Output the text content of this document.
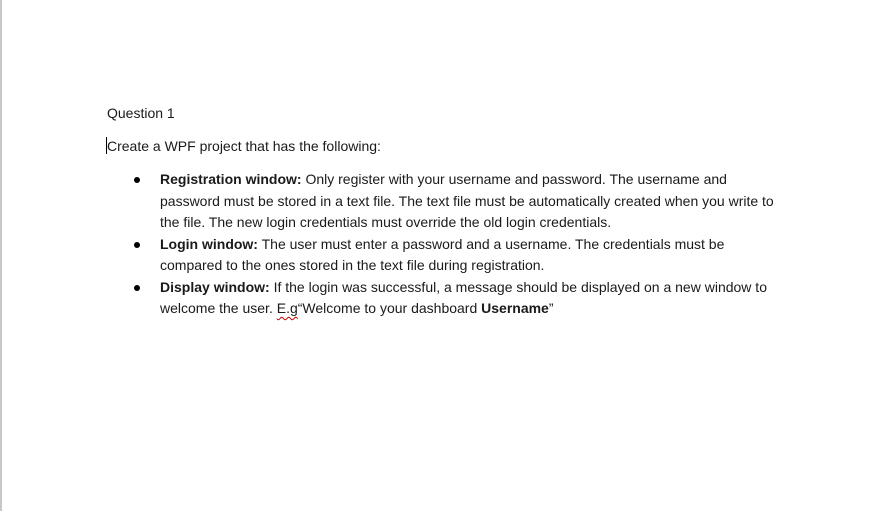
Question 1

Create a WPF project that has the following:

Registration window: Only register with your username and password. The username and password must be stored in a text file. The text file must be automatically created when you write to the file. The new login credentials must override the old login credentials.
Login window: The user must enter a password and a username. The credentials must be compared to the ones stored in the text file during registration.
Display window: If the login was successful, a message should be displayed on a new window to welcome the user. E.g“Welcome to your dashboard Username”
